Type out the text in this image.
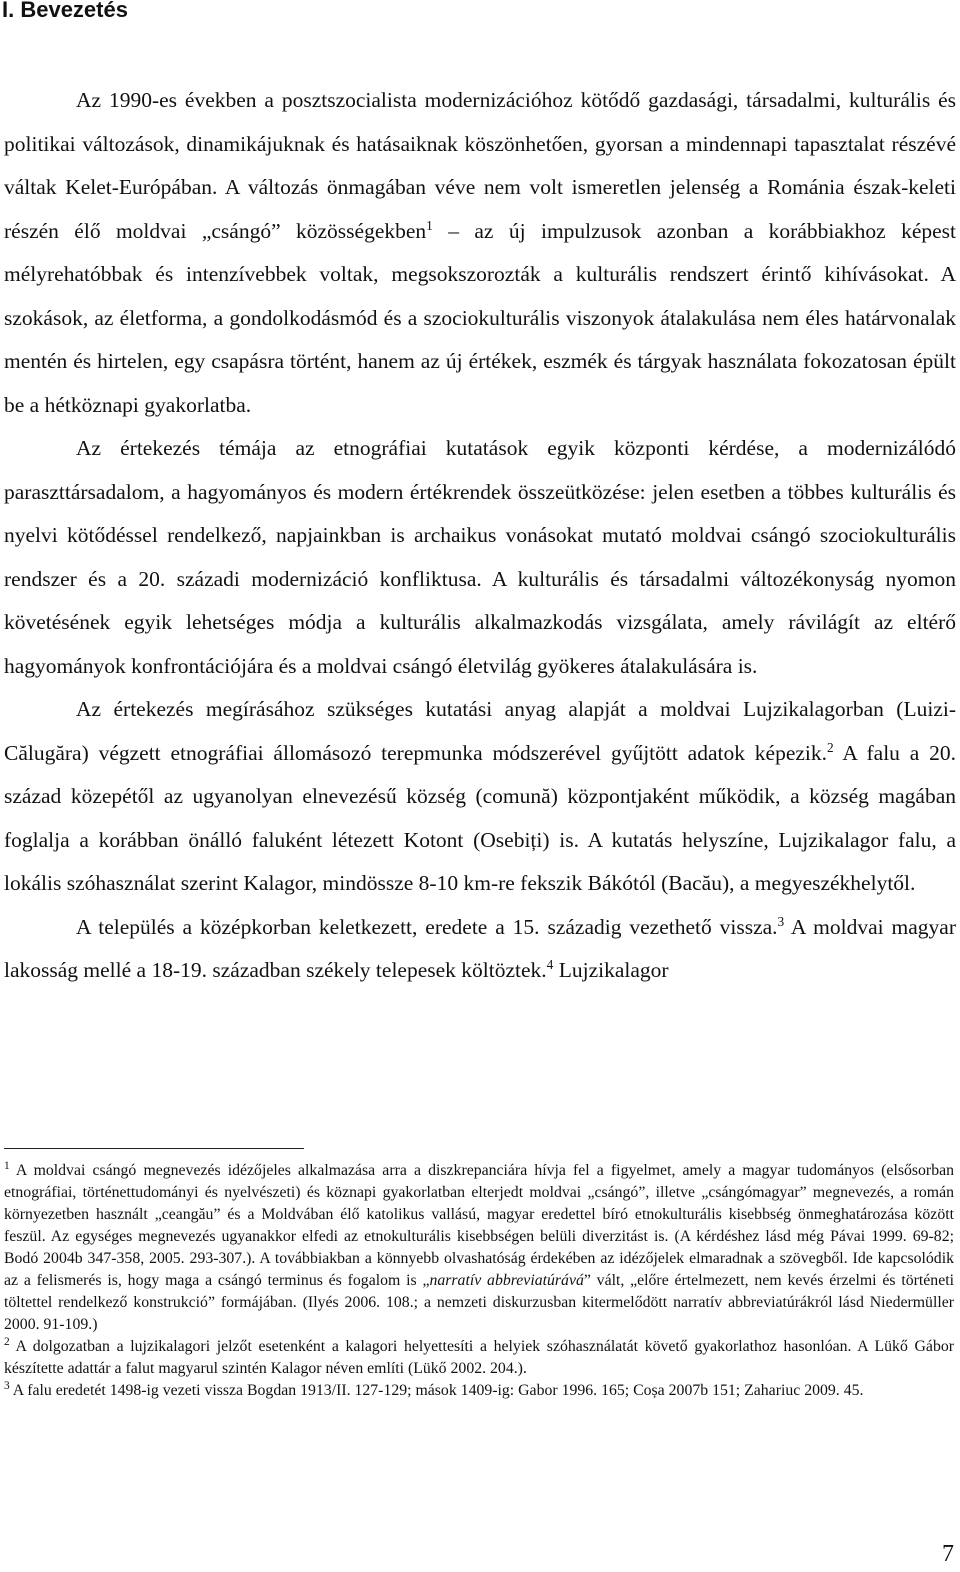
I. Bevezetés

Az 1990-es években a posztszocialista modernizációhoz kötődő gazdasági, társadalmi, kulturális és politikai változások, dinamikájuknak és hatásaiknak köszönhetően, gyorsan a mindennapi tapasztalat részévé váltak Kelet-Európában. A változás önmagában véve nem volt ismeretlen jelenség a Románia észak-keleti részén élő moldvai „csángó” közösségekben$^1$ – az új impulzusok azonban a korábbiakhoz képest mélyrehatóbbak és intenzívebbek voltak, megsokszorozták a kulturális rendszert érintő kihívásokat. A szokások, az életforma, a gondolkodásmód és a szociokulturális viszonyok átalakulása nem éles határvonalak mentén és hirtelen, egy csapásra történt, hanem az új értékek, eszmék és tárgyak használata fokozatosan épült be a hétköznapi gyakorlatba.

Az értekezés témája az etnográfiai kutatások egyik központi kérdése, a modernizálódó paraszttársadalom, a hagyományos és modern értékrendek összeütközése: jelen esetben a többes kulturális és nyelvi kötődéssel rendelkező, napjainkban is archaikus vonásokat mutató moldvai csángó szociokulturális rendszer és a 20. századi modernizáció konfliktusa. A kulturális és társadalmi változékonyság nyomon követésének egyik lehetséges módja a kulturális alkalmazkodás vizsgálata, amely rávilágít az eltérő hagyományok konfrontációjára és a moldvai csángó életvilág gyökeres átalakulására is.

Az értekezés megírásához szükséges kutatási anyag alapját a moldvai Lujzikalagorban (Luizi-Călugăra) végzett etnográfiai állomásozó terepmunka módszerével gyűjtött adatok képezik.$^2$ A falu a 20. század közepétől az ugyanolyan elnevezésű község (comună) központjaként működik, a község magában foglalja a korábban önálló faluként létezett Kotont (Osebiți) is. A kutatás helyszíne, Lujzikalagor falu, a lokális szóhasználat szerint Kalagor, mindössze 8-10 km-re fekszik Bákótól (Bacău), a megyeszékhelytől.

A település a középkorban keletkezett, eredete a 15. századig vezethető vissza.$^3$ A moldvai magyar lakosság mellé a 18-19. században székely telepesek költöztek.$^4$ Lujzikalagor

$^1$ A moldvai csángó megnevezés idézőjeles alkalmazása arra a diszkrepanciára hívja fel a figyelmet, amely a magyar tudományos (elsősorban etnográfiai, történettudományi és nyelvészeti) és köznapi gyakorlatban elterjedt moldvai „csángó”, illetve „csángómagyar” megnevezés, a román környezetben használt „ceangău” és a Moldvában élő katolikus vallású, magyar eredettel bíró etnokulturális kisebbség önmeghatározása között feszül. Az egységes megnevezés ugyanakkor elfedi az etnokulturális kisebbségen belüli diverzitást is. (A kérdéshez lásd még Pávai 1999. 69-82; Bodó 2004b 347-358, 2005. 293-307.). A továbbiakban a könnyebb olvashatóság érdekében az idézőjelek elmaradnak a szövegből. Ide kapcsolódik az a felismerés is, hogy maga a csángó terminus és fogalom is „narratív abbreviatúrává” vált, „előre értelmezett, nem kevés érzelmi és történeti töltettel rendelkező konstrukció” formájában. (Ilyés 2006. 108.; a nemzeti diskurzusban kitermelődött narratív abbreviatúrákról lásd Niedermüller 2000. 91-109.)

$^2$ A dolgozatban a lujzikalagori jelzőt esetenként a kalagori helyettesíti a helyiek szóhasználatát követő gyakorlathoz hasonlóan. A Lükő Gábor készítette adattár a falut magyarul szintén Kalagor néven említi (Lükő 2002. 204.).

$^3$ A falu eredetét 1498-ig vezeti vissza Bogdan 1913/II. 127-129; mások 1409-ig: Gabor 1996. 165; Coșa 2007b 151; Zahariuc 2009. 45.

7
